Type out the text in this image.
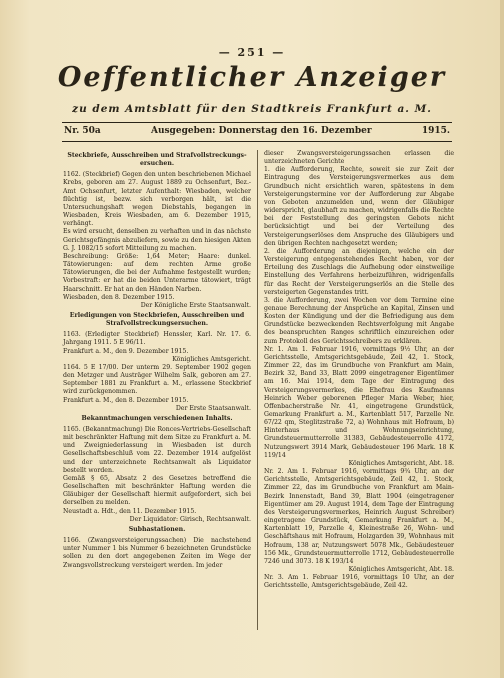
— 251 —
Oeffentlicher Anzeiger
zu dem Amtsblatt für den Stadtkreis Frankfurt a. M.
Nr. 50a	Ausgegeben: Donnerstag den 16. Dezember	1915.

Steckbriefe, Ausschreiben und Strafvollstreckungs-ersuchen.

1162. (Steckbrief) Gegen den unten beschriebenen Michael Krebs, geboren am 27. August 1889 zu Ochsenfurt, Bez.-Amt Ochsenfurt, letzter Aufenthalt: Wiesbaden, welcher flüchtig ist, bezw. sich verborgen hält, ist die Untersuchungshaft wegen Diebstahls, begangen in Wiesbaden, Kreis Wiesbaden, am 6. Dezember 1915, verhängt.

Es wird ersucht, denselben zu verhaften und in das nächste Gerichtsgefängnis abzuliefern, sowie zu den hiesigen Akten G. J. 1082/15 sofort Mitteilung zu machen.

Beschreibung: Größe: 1,64 Meter; Haare: dunkel. Tätowierungen: auf dem rechten Arme große Tätowierungen, die bei der Aufnahme festgestellt wurden; Vorbestraft: er hat die beiden Unterarme tätowiert, trägt Haarschnitt. Er hat an den Händen Narben.

Wiesbaden, den 8. Dezember 1915.

Der Königliche Erste Staatsanwalt.

Erledigungen von Steckbriefen, Ausschreiben und Strafvollstreckungsersuchen.

1163. (Erledigter Steckbrief) Henssler, Karl. Nr. 17. 6. Jahrgang 1911. 5 E 96/11.

Frankfurt a. M., den 9. Dezember 1915.

Königliches Amtsgericht.

1164. 5 E 17/00. Der unterm 29. September 1902 gegen den Metzger und Austräger Wilhelm Salk, geboren am 27. September 1881 zu Frankfurt a. M., erlassene Steckbrief wird zurückgenommen.

Frankfurt a. M., den 8. Dezember 1915.

Der Erste Staatsanwalt.

Bekanntmachungen verschiedenen Inhalts.

1165. (Bekanntmachung) Die Ronces-Vertriebs-Gesellschaft mit beschränkter Haftung mit dem Sitze zu Frankfurt a. M. und Zweigniederlassung in Wiesbaden ist durch Gesellschaftsbeschluß vom 22. Dezember 1914 aufgelöst und der unterzeichnete Rechtsanwalt als Liquidator bestellt worden.

Gemäß § 65, Absatz 2 des Gesetzes betreffend die Gesellschaften mit beschränkter Haftung werden die Gläubiger der Gesellschaft hiermit aufgefordert, sich bei derselben zu melden.

Neustadt a. Hdt., den 11. Dezember 1915.

Der Liquidator: Girisch, Rechtsanwalt.

Subhastationen.

1166. (Zwangsversteigerungssachen) Die nachstehend unter Nummer 1 bis Nummer 6 bezeichneten Grundstücke sollen zu den dort angegebenen Zeiten im Wege der Zwangsvollstreckung versteigert werden. Im jeder

dieser Zwangsversteigerungssachen erlassen die unterzeichneten Gerichte

1. die Aufforderung, Rechte, soweit sie zur Zeit der Eintragung des Versteigerungsvermerkes aus dem Grundbuch nicht ersichtlich waren, spätestens in dem Versteigerungstermine vor der Aufforderung zur Abgabe von Geboten anzumelden und, wenn der Gläubiger widerspricht, glaubhaft zu machen, widrigenfalls die Rechte bei der Feststellung des geringsten Gebots nicht berücksichtigt und bei der Verteilung des Versteigerungserlöses dem Anspruche des Gläubigers und den übrigen Rechten nachgesetzt werden;

2. die Aufforderung an diejenigen, welche ein der Versteigerung entgegenstehendes Recht haben, vor der Erteilung des Zuschlags die Aufhebung oder einstweilige Einstellung des Verfahrens herbeizuführen, widrigenfalls für das Recht der Versteigerungserlös an die Stelle des versteigerten Gegenstandes tritt.

3. die Aufforderung, zwei Wochen vor dem Termine eine genaue Berechnung der Ansprüche an Kapital, Zinsen und Kosten der Kündigung und der die Befriedigung aus dem Grundstücke bezweckenden Rechtsverfolgung mit Angabe des beanspruchten Ranges schriftlich einzureichen oder zum Protokoll des Gerichtsschreibers zu erklären.

Nr. 1. Am 1. Februar 1916, vormittags 9½ Uhr, an der Gerichtsstelle, Amtsgerichtsgebäude, Zeil 42, 1. Stock, Zimmer 22, das im Grundbuche von Frankfurt am Main, Bezirk 32, Band 33, Blatt 2099 eingetragener Eigentümer am 16. Mai 1914, dem Tage der Eintragung des Versteigerungsvermerkes, die Ehefrau des Kaufmanns Heinrich Weber geborenen Pfleger Maria Weber, hier, Offenbacherstraße Nr. 41, eingetragene Grundstück, Gemarkung Frankfurt a. M., Kartenblatt 517, Parzelle Nr. 67/22 qm, Steglitzstraße 72, a) Wohnhaus mit Hofraum, b) Hinterhaus und Wohnungseinrichtung, Grundsteuermutterrolle 31383, Gebäudesteuerrolle 4172, Nutzungswert 3914 Mark, Gebäudesteuer 196 Mark. 18 K 119/14

Königliches Amtsgericht, Abt. 18.

Nr. 2. Am 1. Februar 1916, vormittags 9¾ Uhr, an der Gerichtsstelle, Amtsgerichtsgebäude, Zeil 42, 1. Stock, Zimmer 22, das im Grundbuche von Frankfurt am Main-Bezirk Innenstadt, Band 39, Blatt 1904 (eingetragener Eigentümer am 29. August 1914, dem Tage der Eintragung des Versteigerungsvermerkes, Heinrich August Schreiber) eingetragene Grundstück, Gemarkung Frankfurt a. M., Kartenblatt 19, Parzelle 4, Kleinestraße 26, Wohn- und Geschäftshaus mit Hofraum, Holzgarden 39, Wohnhaus mit Hofraum, 138 ar, Nutzungswert 5078 Mk., Gebäudesteuer 156 Mk., Grundsteuermutterrolle 1712, Gebäudesteuerrolle 7246 und 3073. 18 K 193/14

Königliches Amtsgericht, Abt. 18.

Nr. 3. Am 1. Februar 1916, vormittags 10 Uhr, an der Gerichtsstelle, Amtsgerichtsgebäude, Zeil 42.
